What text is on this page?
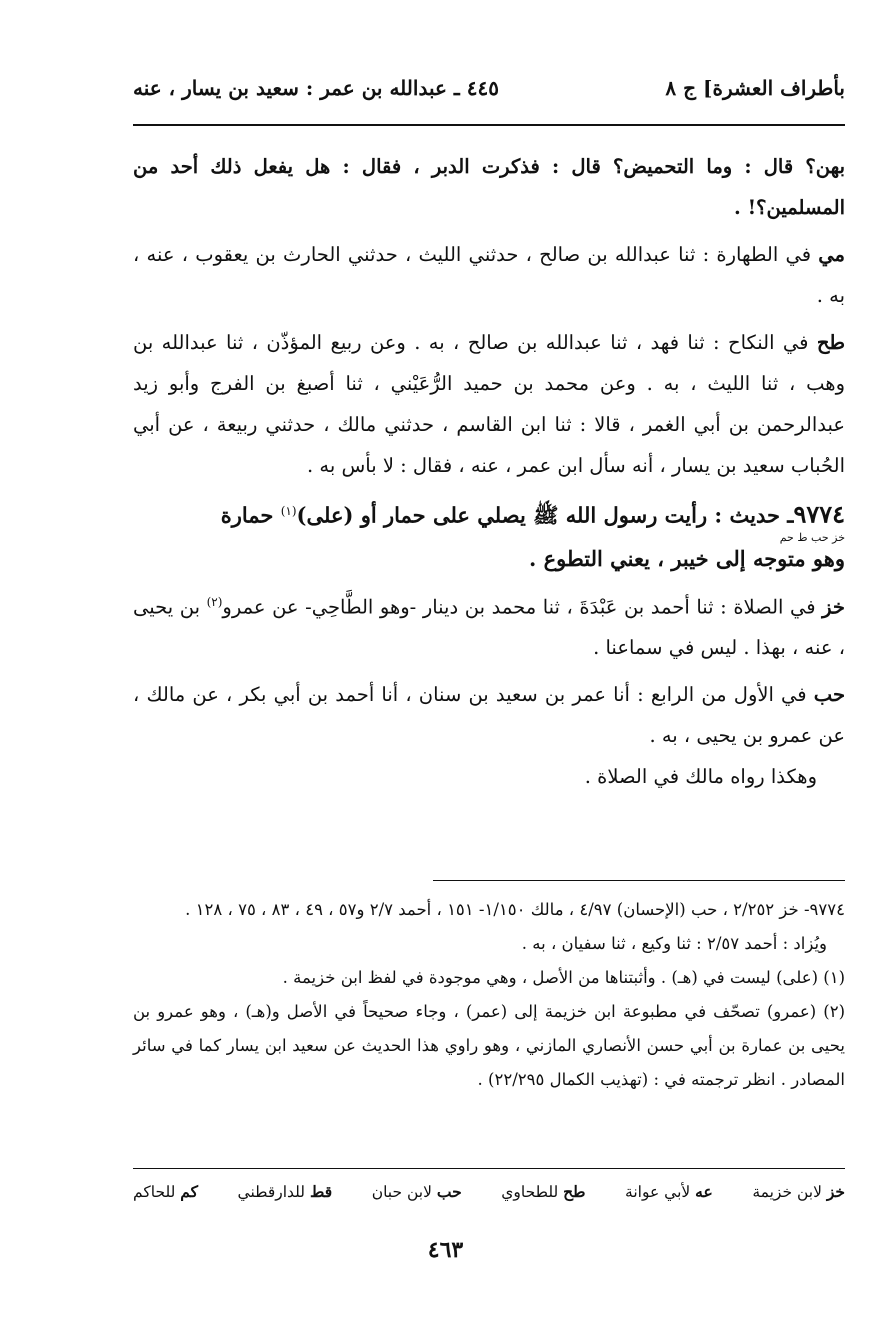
٤٤٥ ـ عبدالله بن عمر : سعيد بن يسار ، عنه	بأطراف العشرة] ج ٨

بهن؟ قال : وما التحميض؟ قال : فذكرت الدبر ، فقال : هل يفعل ذلك أحد من المسلمين؟! .

مي في الطهارة : ثنا عبدالله بن صالح ، حدثني الليث ، حدثني الحارث بن يعقوب ، عنه ، به .

طح في النكاح : ثنا فهد ، ثنا عبدالله بن صالح ، به . وعن ربيع المؤذّن ، ثنا عبدالله بن وهب ، ثنا الليث ، به . وعن محمد بن حميد الرُّعَيْني ، ثنا أصبغ بن الفرج وأبو زيد عبدالرحمن بن أبي الغمر ، قالا : ثنا ابن القاسم ، حدثني مالك ، حدثني ربيعة ، عن أبي الحُباب سعيد بن يسار ، أنه سأل ابن عمر ، عنه ، فقال : لا بأس به .

٩٧٧٤ـ حديث : رأيت رسول الله ﷺ يصلي على حمار أو (على)$^{(١)}$ حمارة
خز حب ط حم
وهو متوجه إلى خيبر ، يعني التطوع .

خز في الصلاة : ثنا أحمد بن عَبْدَةَ ، ثنا محمد بن دينار -وهو الطَّاحِي- عن عمرو$^{(٢)}$ بن يحيى ، عنه ، بهذا . ليس في سماعنا .

حب في الأول من الرابع : أنا عمر بن سعيد بن سنان ، أنا أحمد بن أبي بكر ، عن مالك ، عن عمرو بن يحيى ، به .

وهكذا رواه مالك في الصلاة .

٩٧٧٤- خز ٢/٢٥٢ ، حب (الإحسان) ٤/٩٧ ، مالك ١/١٥٠- ١٥١ ، أحمد ٢/٧ و٥٧ ، ٤٩ ، ٨٣ ، ٧٥ ، ١٢٨ .

ويُزاد : أحمد ٢/٥٧ : ثنا وكيع ، ثنا سفيان ، به .

(١) (على) ليست في (هـ) . وأثبتناها من الأصل ، وهي موجودة في لفظ ابن خزيمة .

(٢) (عمرو) تصحّف في مطبوعة ابن خزيمة إلى (عمر) ، وجاء صحيحاً في الأصل و(هـ) ، وهو عمرو بن يحيى بن عمارة بن أبي حسن الأنصاري المازني ، وهو راوي هذا الحديث عن سعيد ابن يسار كما في سائر المصادر . انظر ترجمته في : (تهذيب الكمال ٢٢/٢٩٥) .

خز لابن خزيمة
عه لأبي عوانة
طح للطحاوي
حب لابن حبان
قط للدارقطني
كم للحاكم
٤٦٣
